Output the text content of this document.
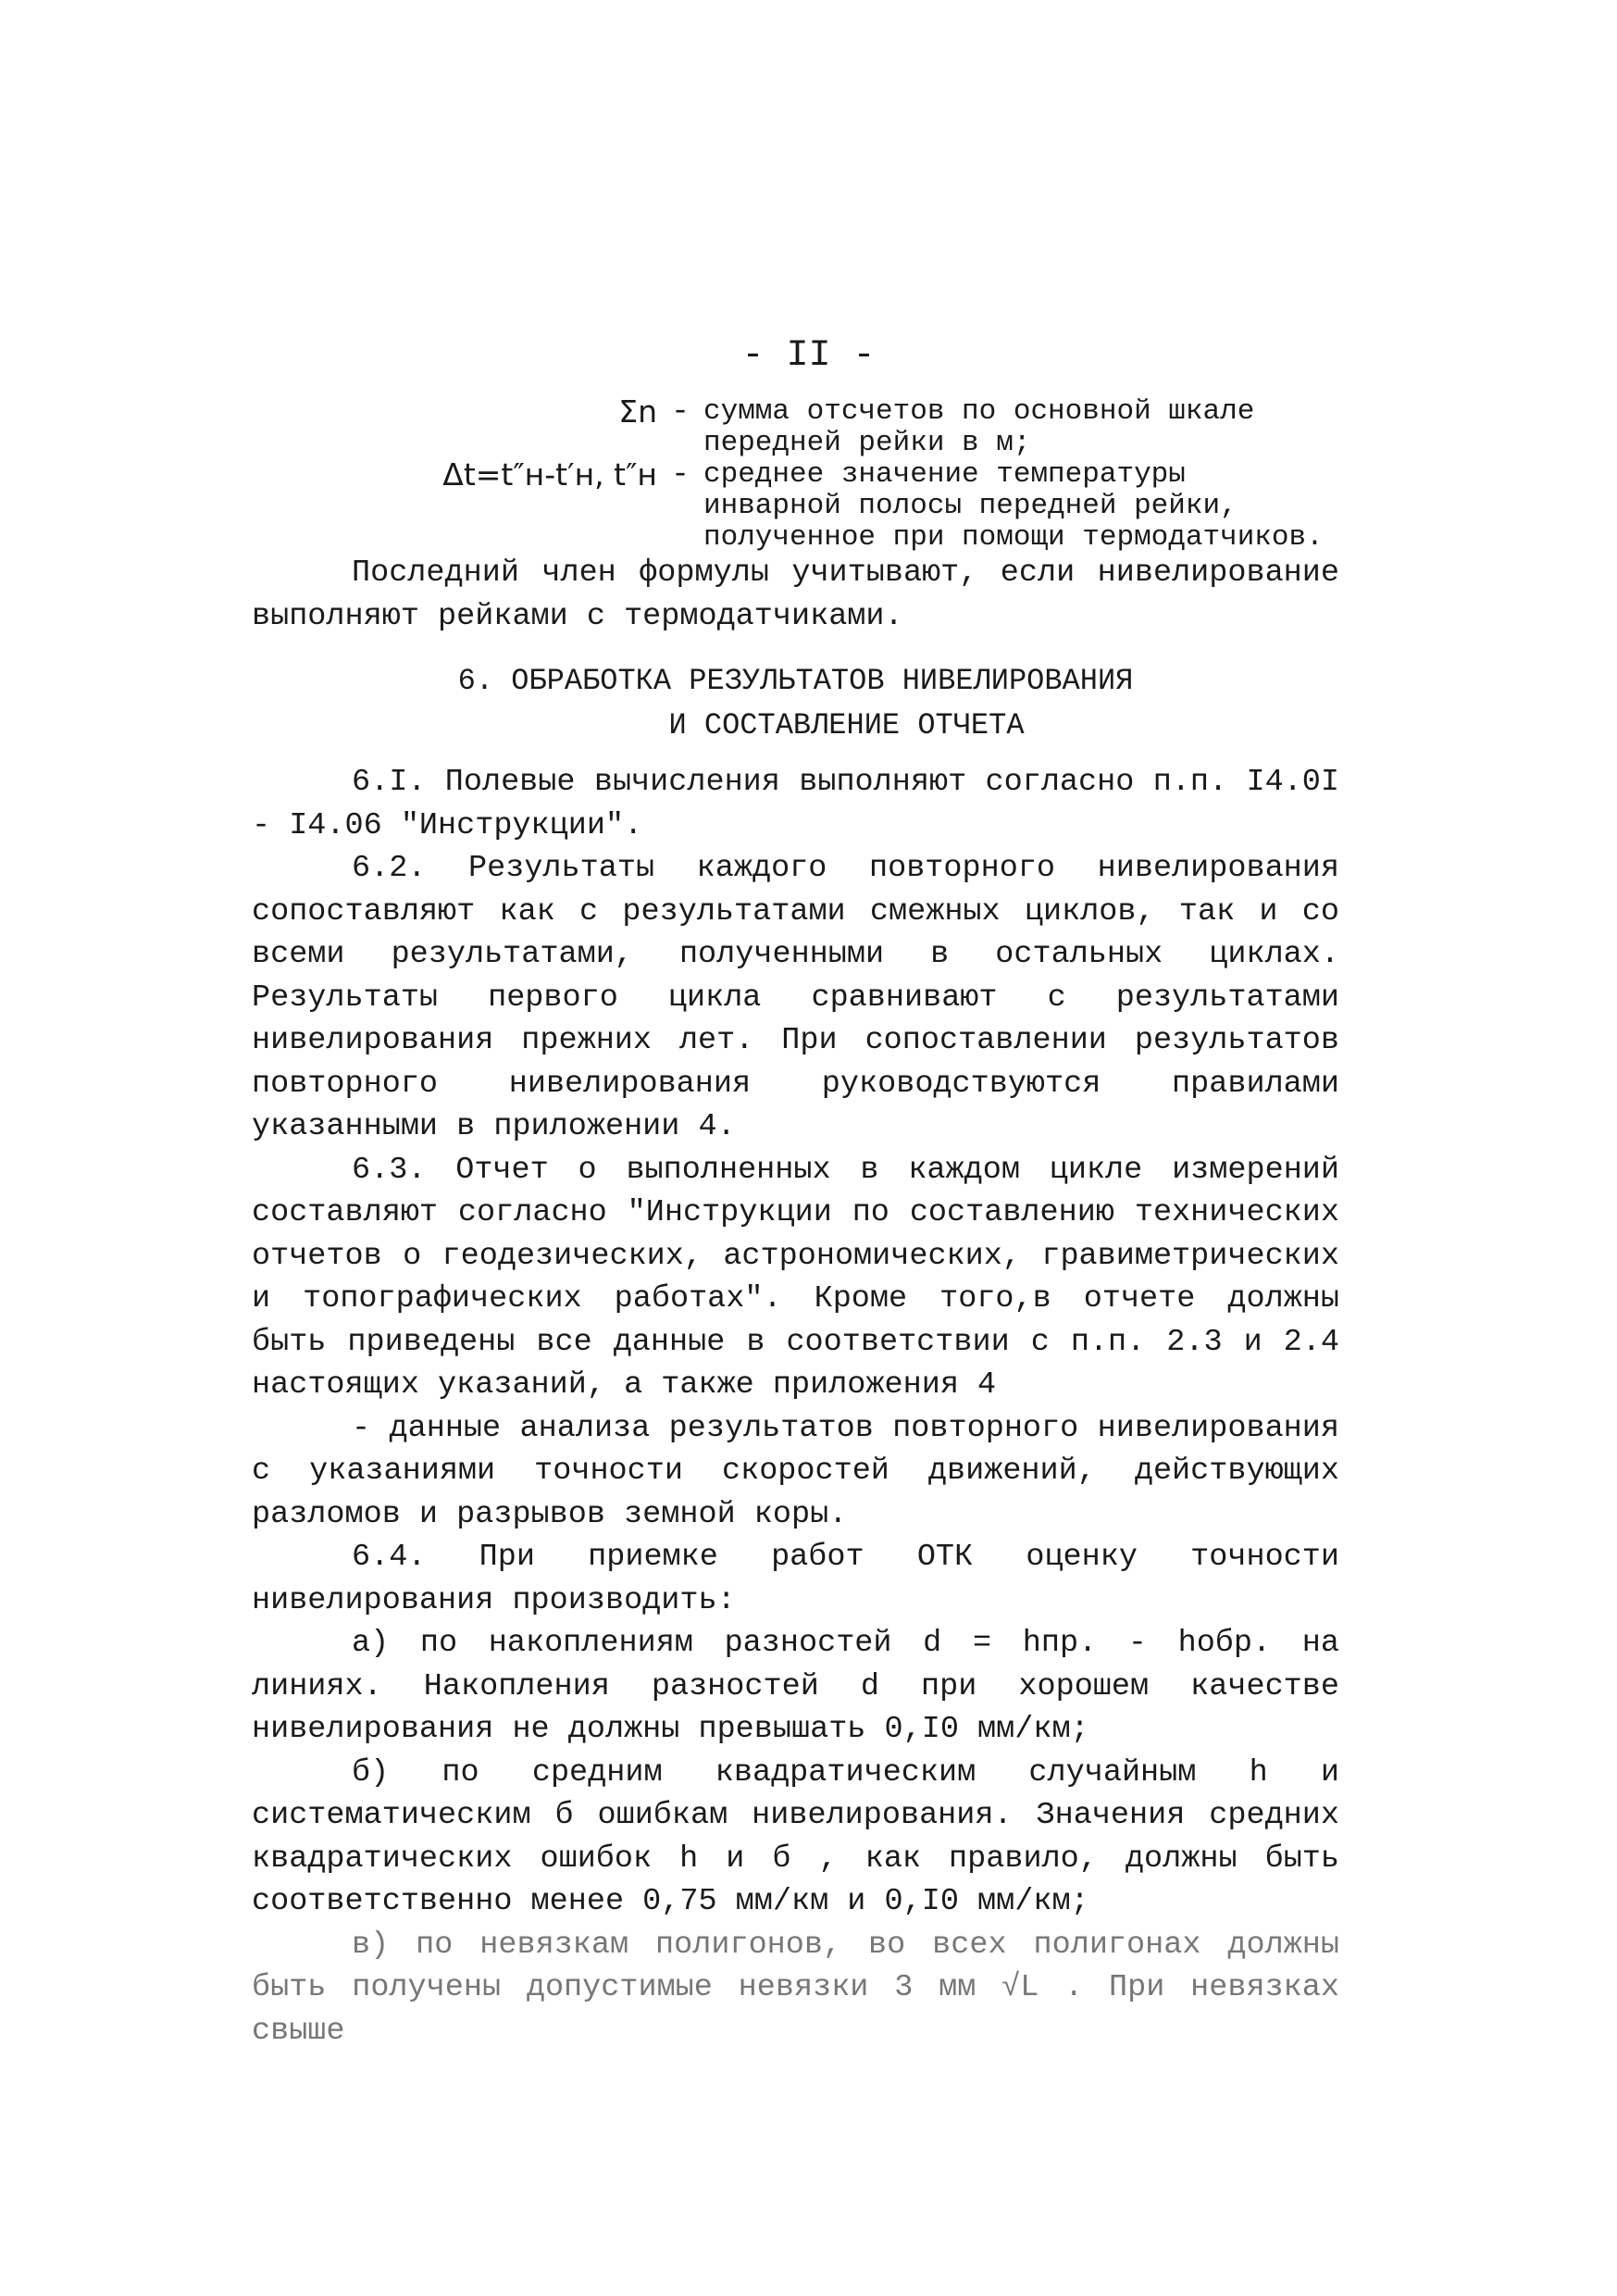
- II -
Σn - сумма отсчетов по основной шкале передней рейки в м;
Δt=t″н-t′н, t″н - среднее значение температуры инварной полосы передней рейки, полученное при помощи термодатчиков.
Последний член формулы учитывают, если нивелирование выполняют рейками с термодатчиками.
6. ОБРАБОТКА РЕЗУЛЬТАТОВ НИВЕЛИРОВАНИЯ
И СОСТАВЛЕНИЕ ОТЧЕТА

6.I. Полевые вычисления выполняют согласно п.п. I4.0I - I4.06 "Инструкции".

6.2. Результаты каждого повторного нивелирования сопоставляют как с результатами смежных циклов, так и со всеми результатами, полученными в остальных циклах. Результаты первого цикла сравнивают с результатами нивелирования прежних лет. При сопоставлении результатов повторного нивелирования руководствуются правилами указанными в приложении 4.

6.3. Отчет о выполненных в каждом цикле измерений составляют согласно "Инструкции по составлению технических отчетов о геодезических, астрономических, гравиметрических и топографических работах". Кроме того,в отчете должны быть приведены все данные в соответствии с п.п. 2.3 и 2.4 настоящих указаний, а также приложения 4

- данные анализа результатов повторного нивелирования с указаниями точности скоростей движений, действующих разломов и разрывов земной коры.

6.4. При приемке работ ОТК оценку точности нивелирования производить:

а) по накоплениям разностей d = hпр. - hобр. на линиях. Накопления разностей d при хорошем качестве нивелирования не должны превышать 0,I0 мм/км;

б) по средним квадратическим случайным h и систематическим б ошибкам нивелирования. Значения средних квадратических ошибок h и б , как правило, должны быть соответственно менее 0,75 мм/км и 0,I0 мм/км;

в) по невязкам полигонов, во всех полигонах должны быть получены допустимые невязки 3 мм √L . При невязках свыше
